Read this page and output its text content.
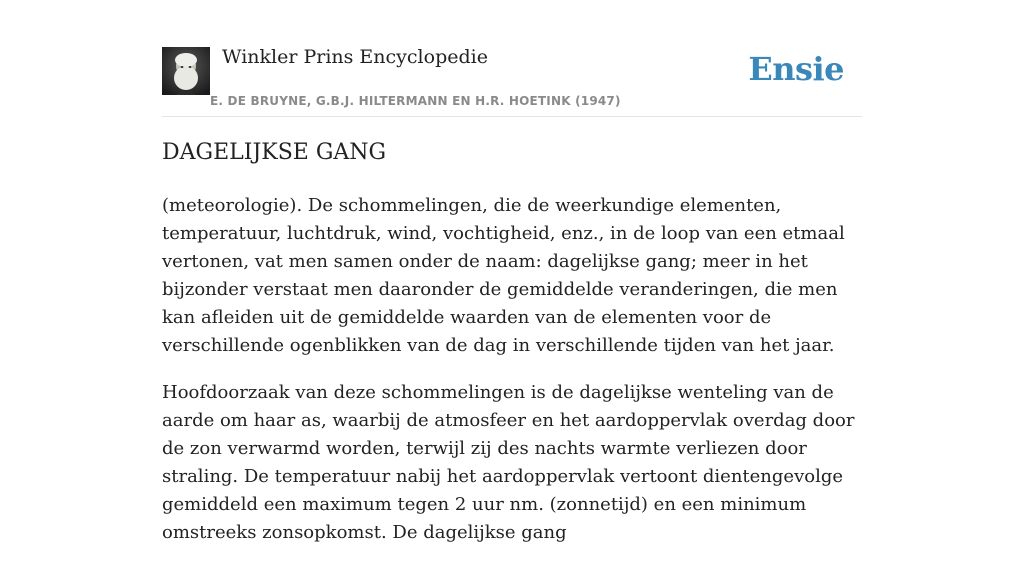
Winkler Prins Encyclopedie
E. DE BRUYNE, G.B.J. HILTERMANN EN H.R. HOETINK (1947)
Ensie
DAGELIJKSE GANG

(meteorologie). De schommelingen, die de weerkundige elementen, temperatuur, luchtdruk, wind, vochtigheid, enz., in de loop van een etmaal vertonen, vat men samen onder de naam: dagelijkse gang; meer in het bijzonder verstaat men daaronder de gemiddelde veranderingen, die men kan afleiden uit de gemiddelde waarden van de elementen voor de verschillende ogenblikken van de dag in verschillende tijden van het jaar.

Hoofdoorzaak van deze schommelingen is de dagelijkse wenteling van de aarde om haar as, waarbij de atmosfeer en het aardoppervlak overdag door de zon verwarmd worden, terwijl zij des nachts warmte verliezen door straling. De temperatuur nabij het aardoppervlak vertoont dientengevolge gemiddeld een maximum tegen 2 uur nm. (zonnetijd) en een minimum omstreeks zonsopkomst. De dagelijkse gang
